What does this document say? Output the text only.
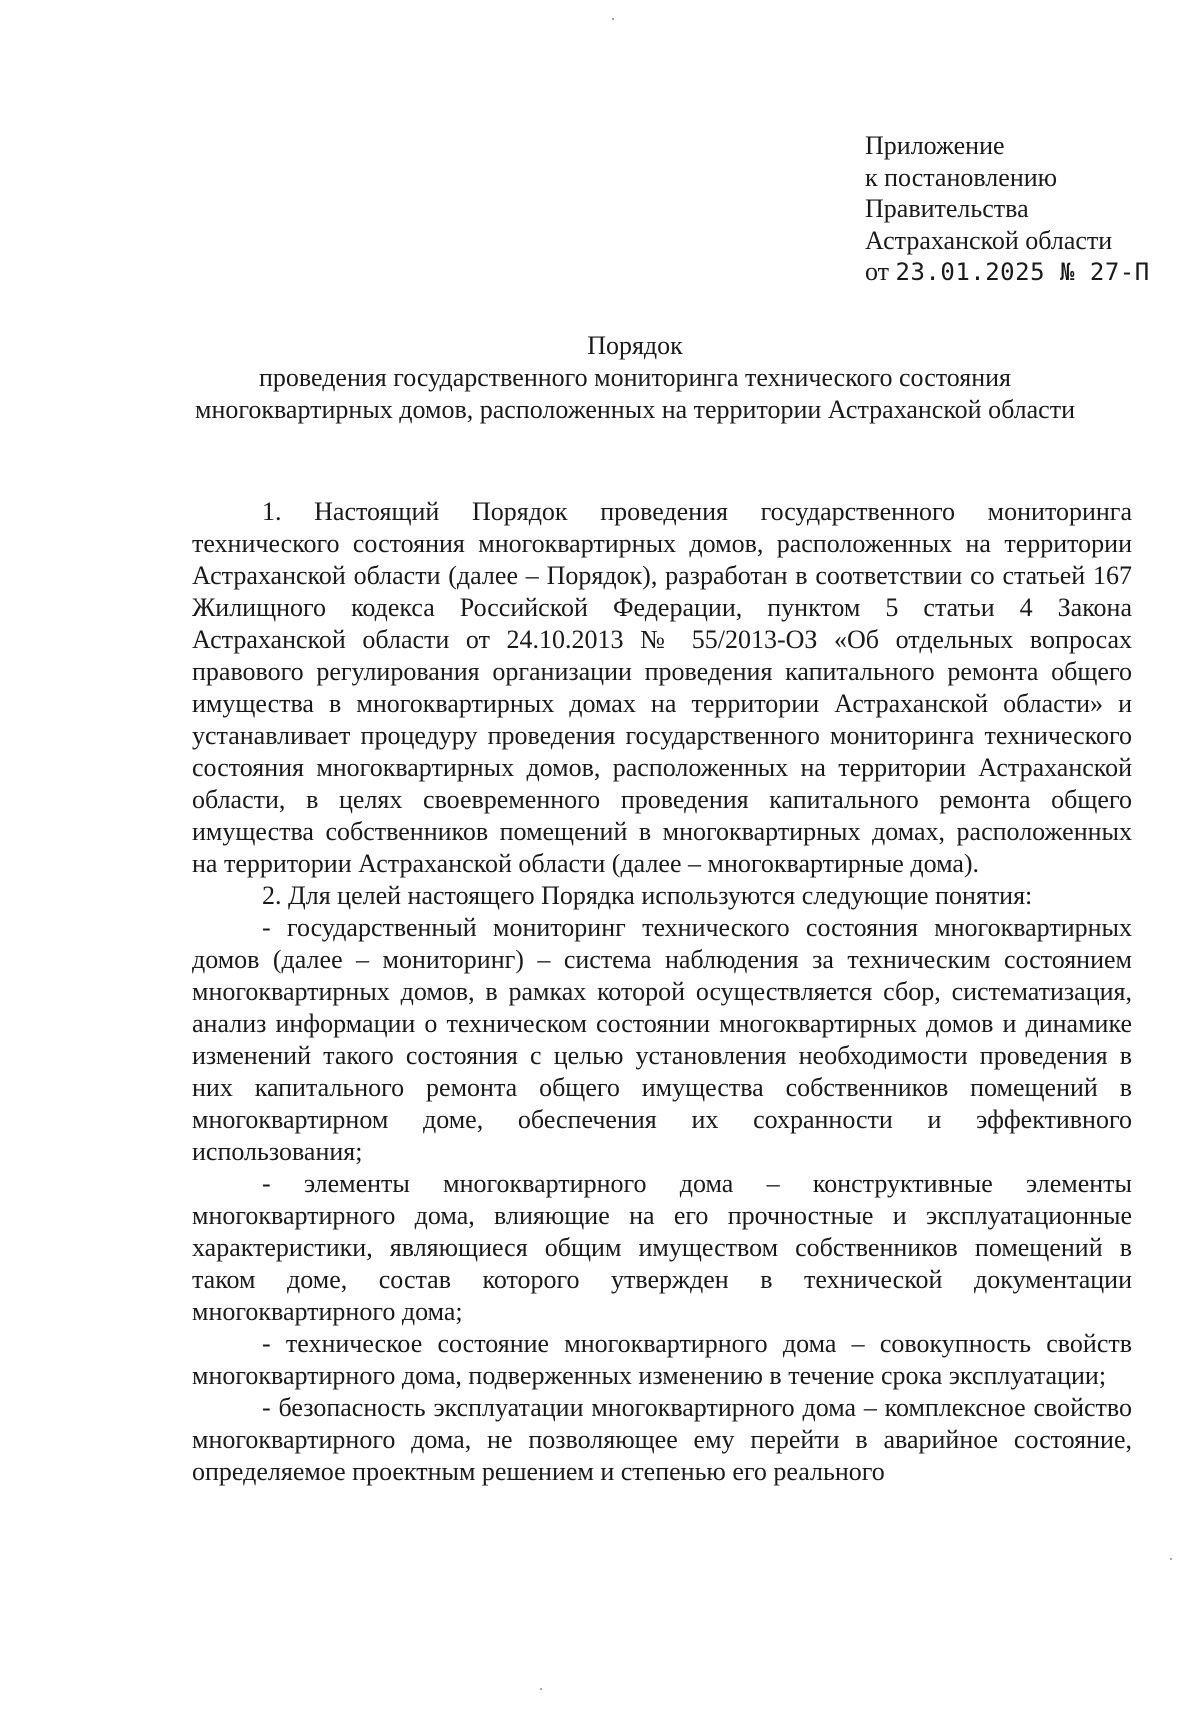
Приложение
к постановлению
Правительства
Астраханской области
от 23.01.2025 № 27-П
Порядок
проведения государственного мониторинга технического состояния многоквартирных домов, расположенных на территории Астраханской области

1. Настоящий Порядок проведения государственного мониторинга технического состояния многоквартирных домов, расположенных на территории Астраханской области (далее – Порядок), разработан в соответствии со статьей 167 Жилищного кодекса Российской Федерации, пунктом 5 статьи 4 Закона Астраханской области от 24.10.2013 № 55/2013-ОЗ «Об отдельных вопросах правового регулирования организации проведения капитального ремонта общего имущества в многоквартирных домах на территории Астраханской области» и устанавливает процедуру проведения государственного мониторинга технического состояния многоквартирных домов, расположенных на территории Астраханской области, в целях своевременного проведения капитального ремонта общего имущества собственников помещений в многоквартирных домах, расположенных на территории Астраханской области (далее – многоквартирные дома).

2. Для целей настоящего Порядка используются следующие понятия:

- государственный мониторинг технического состояния многоквартирных домов (далее – мониторинг) – система наблюдения за техническим состоянием многоквартирных домов, в рамках которой осуществляется сбор, систематизация, анализ информации о техническом состоянии многоквартирных домов и динамике изменений такого состояния с целью установления необходимости проведения в них капитального ремонта общего имущества собственников помещений в многоквартирном доме, обеспечения их сохранности и эффективного использования;

- элементы многоквартирного дома – конструктивные элементы многоквартирного дома, влияющие на его прочностные и эксплуатационные характеристики, являющиеся общим имуществом собственников помещений в таком доме, состав которого утвержден в технической документации многоквартирного дома;

- техническое состояние многоквартирного дома – совокупность свойств многоквартирного дома, подверженных изменению в течение срока эксплуатации;

- безопасность эксплуатации многоквартирного дома – комплексное свойство многоквартирного дома, не позволяющее ему перейти в аварийное состояние, определяемое проектным решением и степенью его реального
